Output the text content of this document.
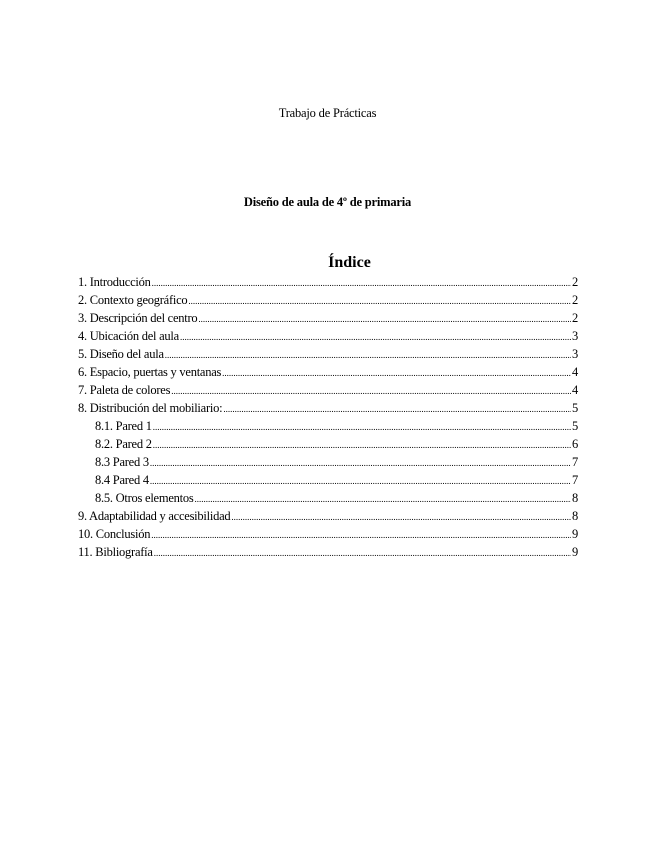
Trabajo de Prácticas
Diseño de aula de 4º de primaria
Índice
1. Introducción .....	2
2. Contexto geográfico .....	2
3. Descripción del centro .....	2
4. Ubicación del aula .....	3
5. Diseño del aula .....	3
6. Espacio, puertas y ventanas .....	4
7. Paleta de colores .....	4
8. Distribución del mobiliario: .....	5
8.1. Pared 1 .....	5
8.2. Pared 2 .....	6
8.3 Pared 3 .....	7
8.4 Pared 4 .....	7
8.5. Otros elementos .....	8
9. Adaptabilidad y accesibilidad .....	8
10. Conclusión .....	9
11. Bibliografía .....	9
